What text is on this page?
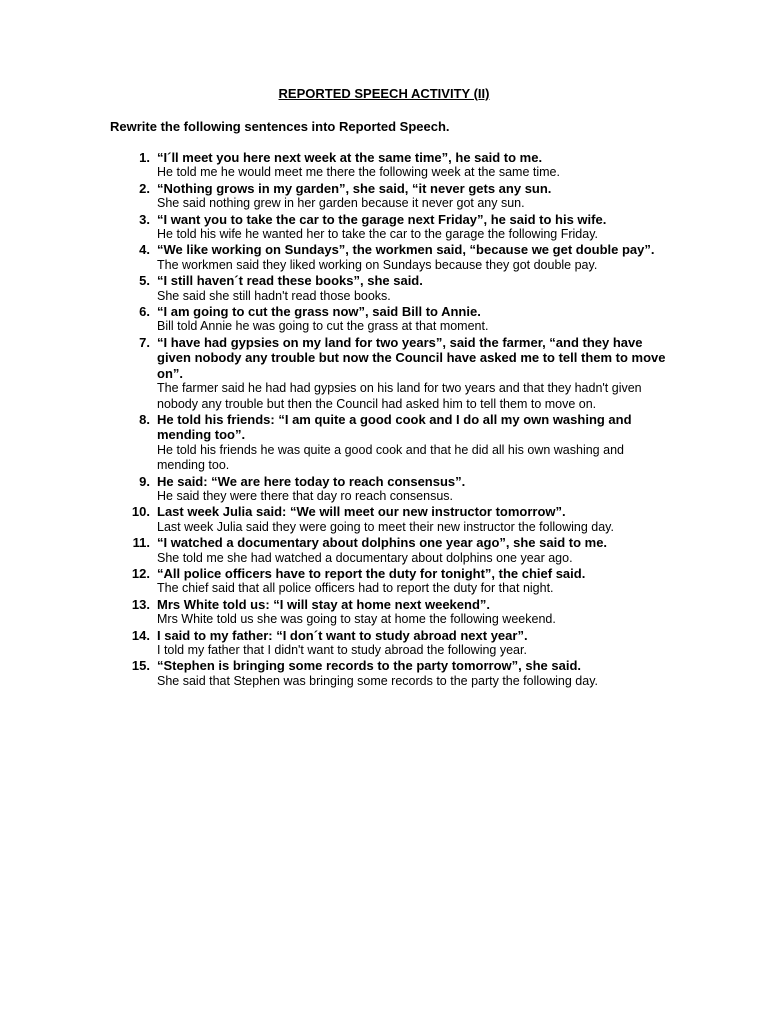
REPORTED SPEECH ACTIVITY (II)
Rewrite the following sentences into Reported Speech.
1. “I´ll meet you here next week at the same time”, he said to me.
He told me he would meet me there the following week at the same time.
2. “Nothing grows in my garden”, she said, “it never gets any sun.
She said nothing grew in her garden because it never got any sun.
3. “I want you to take the car to the garage next Friday”, he said to his wife.
He told his wife he wanted her to take the car to the garage the following Friday.
4. “We like working on Sundays”, the workmen said, “because we get double pay”.
The workmen said they liked working on Sundays because they got double pay.
5. “I still haven´t read these books”, she said.
She said she still hadn't read those books.
6. “I am going to cut the grass now”, said Bill to Annie.
Bill told Annie he was going to cut the grass at that moment.
7. “I have had gypsies on my land for two years”, said the farmer, “and they have given nobody any trouble but now the Council have asked me to tell them to move on”.
The farmer said he had had gypsies on his land for two years and that they hadn't given nobody any trouble but then the Council had asked him to tell them to move on.
8. He told his friends: “I am quite a good cook and I do all my own washing and mending too”.
He told his friends he was quite a good cook and that he did all his own washing and mending too.
9. He said: “We are here today to reach consensus”.
He said they were there that day ro reach consensus.
10. Last week Julia said: “We will meet our new instructor tomorrow”.
Last week Julia said they were going to meet their new instructor the following day.
11. “I watched a documentary about dolphins one year ago”, she said to me.
She told me she had watched a documentary about dolphins one year ago.
12. “All police officers have to report the duty for tonight”, the chief said.
The chief said that all police officers had to report the duty for that night.
13. Mrs White told us: “I will stay at home next weekend”.
Mrs White told us she was going to stay at home the following weekend.
14. I said to my father: “I don´t want to study abroad next year”.
I told my father that I didn't want to study abroad the following year.
15. “Stephen is bringing some records to the party tomorrow”, she said.
She said that Stephen was bringing some records to the party the following day.
